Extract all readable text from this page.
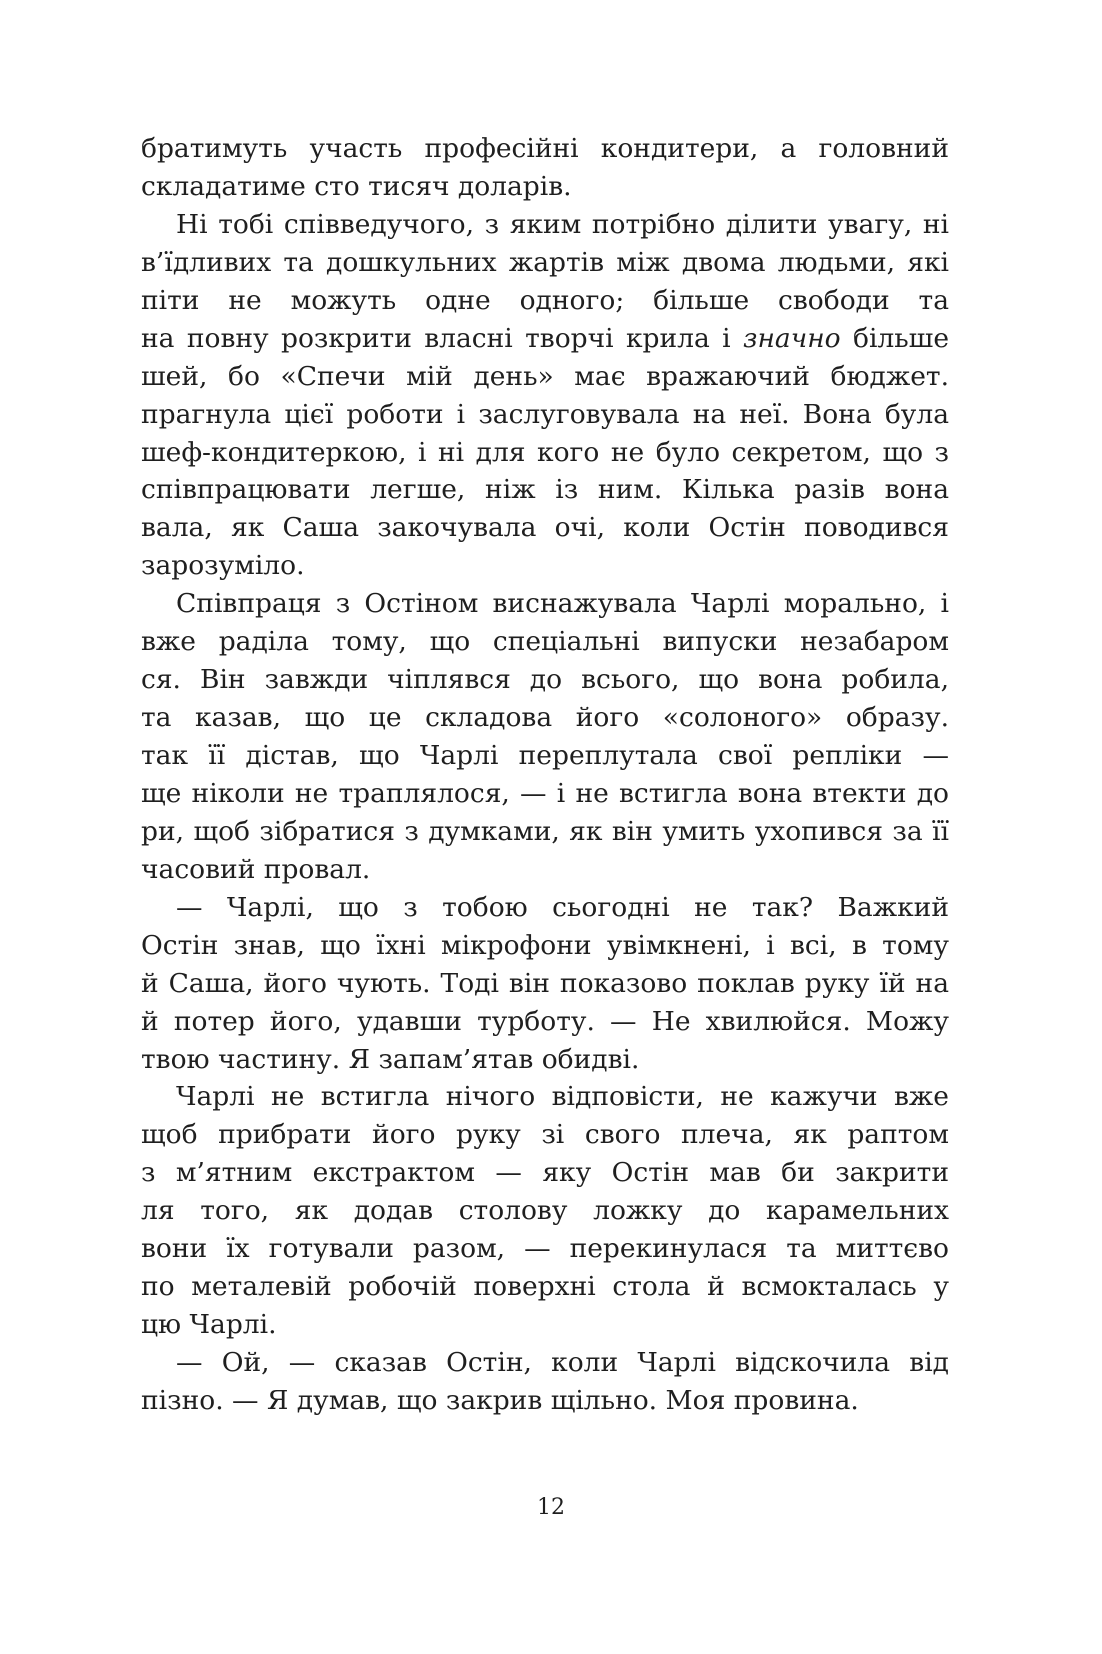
братимуть участь професійні кондитери, а головний
складатиме сто тисяч доларів.
Ні тобі співведучого, з яким потрібно ділити увагу, ні
в’їдливих та дошкульних жартів між двома людьми, які
піти не можуть одне одного; більше свободи та
на повну розкрити власні творчі крила і значно більше
шей, бо «Спечи мій день» має вражаючий бюджет.
прагнула цієї роботи і заслуговувала на неї. Вона була
шеф-кондитеркою, і ні для кого не було секретом, що з
співпрацювати легше, ніж із ним. Кілька разів вона
вала, як Саша закочувала очі, коли Остін поводився
зарозуміло.
Співпраця з Остіном виснажувала Чарлі морально, і
вже раділа тому, що спеціальні випуски незабаром
ся. Він завжди чіплявся до всього, що вона робила,
та казав, що це складова його «солоного» образу.
так її дістав, що Чарлі переплутала свої репліки —
ще ніколи не траплялося, — і не встигла вона втекти до
ри, щоб зібратися з думками, як він умить ухопився за її
часовий провал.
— Чарлі, що з тобою сьогодні не так? Важкий
Остін знав, що їхні мікрофони увімкнені, і всі, в тому
й Саша, його чують. Тоді він показово поклав руку їй на
й потер його, удавши турботу. — Не хвилюйся. Можу
твою частину. Я запам’ятав обидві.
Чарлі не встигла нічого відповісти, не кажучи вже
щоб прибрати його руку зі свого плеча, як раптом
з м’ятним екстрактом — яку Остін мав би закрити
ля того, як додав столову ложку до карамельних
вони їх готували разом, — перекинулася та миттєво
по металевій робочій поверхні стола й всмокталась у
цю Чарлі.
— Ой, — сказав Остін, коли Чарлі відскочила від
пізно. — Я думав, що закрив щільно. Моя провина.
12
